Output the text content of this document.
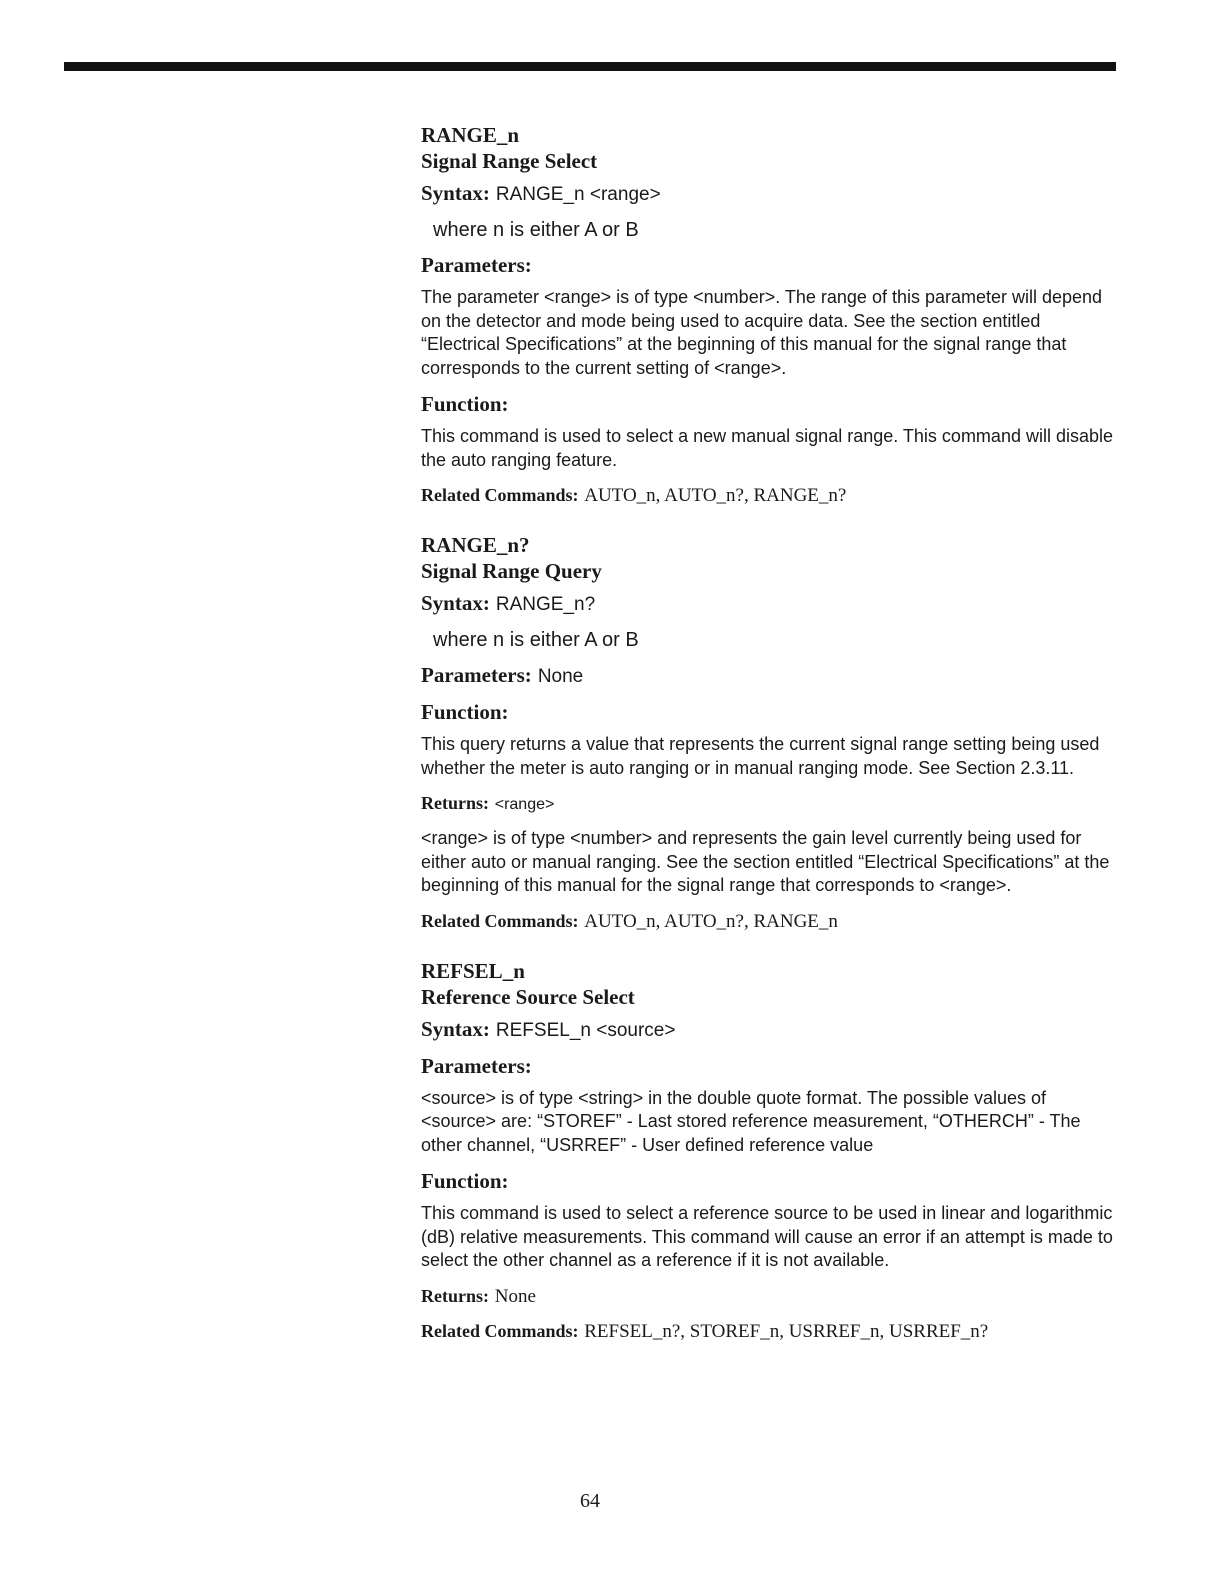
RANGE_n

Signal Range Select

Syntax: RANGE_n <range>

where n is either A or B

Parameters:

The parameter <range> is of type <number>. The range of this parameter will depend on the detector and mode being used to acquire data. See the section entitled “Electrical Specifications” at the beginning of this manual for the signal range that corresponds to the current setting of <range>.

Function:

This command is used to select a new manual signal range. This command will disable the auto ranging feature.

Related Commands: AUTO_n, AUTO_n?, RANGE_n?

RANGE_n?

Signal Range Query

Syntax: RANGE_n?

where n is either A or B

Parameters: None

Function:

This query returns a value that represents the current signal range setting being used whether the meter is auto ranging or in manual ranging mode. See Section 2.3.11.

Returns: <range>

<range> is of type <number> and represents the gain level currently being used for either auto or manual ranging. See the section entitled “Electrical Specifications” at the beginning of this manual for the signal range that corresponds to <range>.

Related Commands: AUTO_n, AUTO_n?, RANGE_n

REFSEL_n

Reference Source Select

Syntax: REFSEL_n <source>

Parameters:

<source> is of type <string> in the double quote format. The possible values of <source> are: “STOREF” - Last stored reference measurement, “OTHERCH” - The other channel, “USRREF” - User defined reference value

Function:

This command is used to select a reference source to be used in linear and logarithmic (dB) relative measurements. This command will cause an error if an attempt is made to select the other channel as a reference if it is not available.

Returns: None

Related Commands: REFSEL_n?, STOREF_n, USRREF_n, USRREF_n?

64
